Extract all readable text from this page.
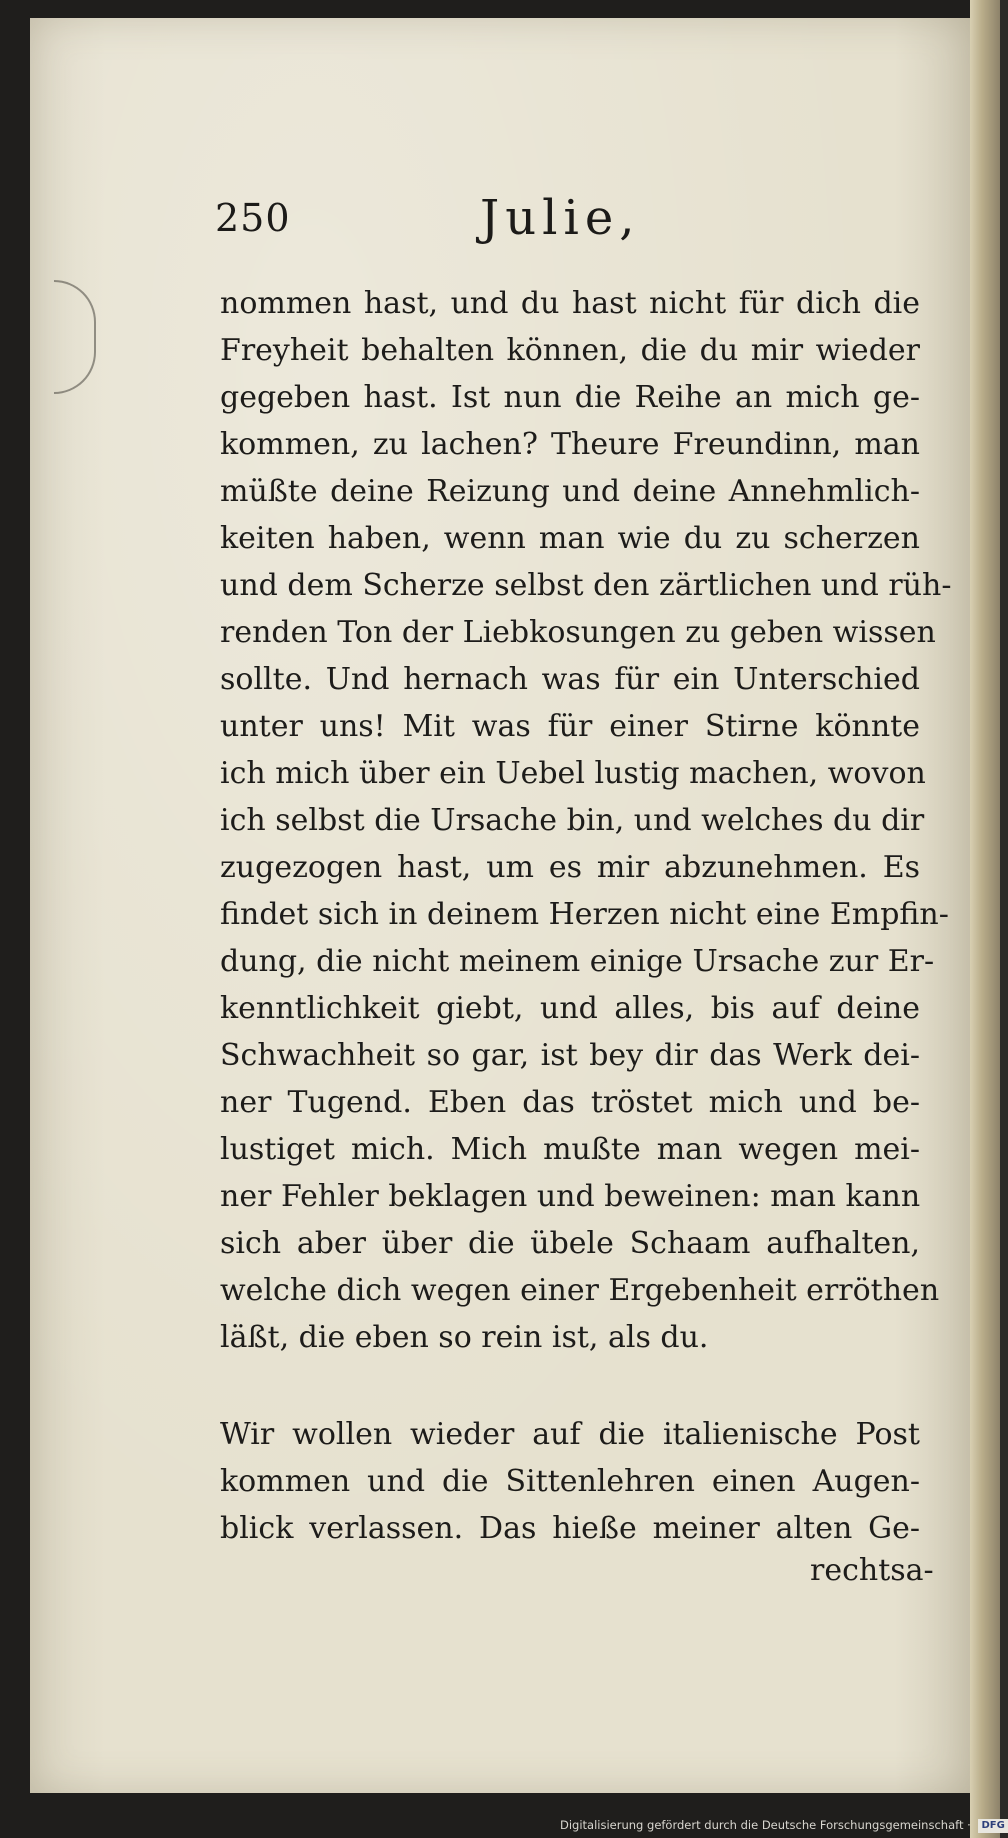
250	Julie,
nommen hast, und du hast nicht für dich die
Freyheit behalten können, die du mir wieder
gegeben hast. Ist nun die Reihe an mich ge-
kommen, zu lachen? Theure Freundinn, man
müßte deine Reizung und deine Annehmlich-
keiten haben, wenn man wie du zu scherzen
und dem Scherze selbst den zärtlichen und rüh-
renden Ton der Liebkosungen zu geben wissen
sollte. Und hernach was für ein Unterschied
unter uns! Mit was für einer Stirne könnte
ich mich über ein Uebel lustig machen, wovon
ich selbst die Ursache bin, und welches du dir
zugezogen hast, um es mir abzunehmen. Es
findet sich in deinem Herzen nicht eine Empfin-
dung, die nicht meinem einige Ursache zur Er-
kenntlichkeit giebt, und alles, bis auf deine
Schwachheit so gar, ist bey dir das Werk dei-
ner Tugend. Eben das tröstet mich und be-
lustiget mich. Mich mußte man wegen mei-
ner Fehler beklagen und beweinen: man kann
sich aber über die übele Schaam aufhalten,
welche dich wegen einer Ergebenheit erröthen
läßt, die eben so rein ist, als du.
Wir wollen wieder auf die italienische Post
kommen und die Sittenlehren einen Augen-
blick verlassen. Das hieße meiner alten Ge-
rechtsa-
Digitalisierung gefördert durch die Deutsche Forschungsgemeinschaft · DFG
